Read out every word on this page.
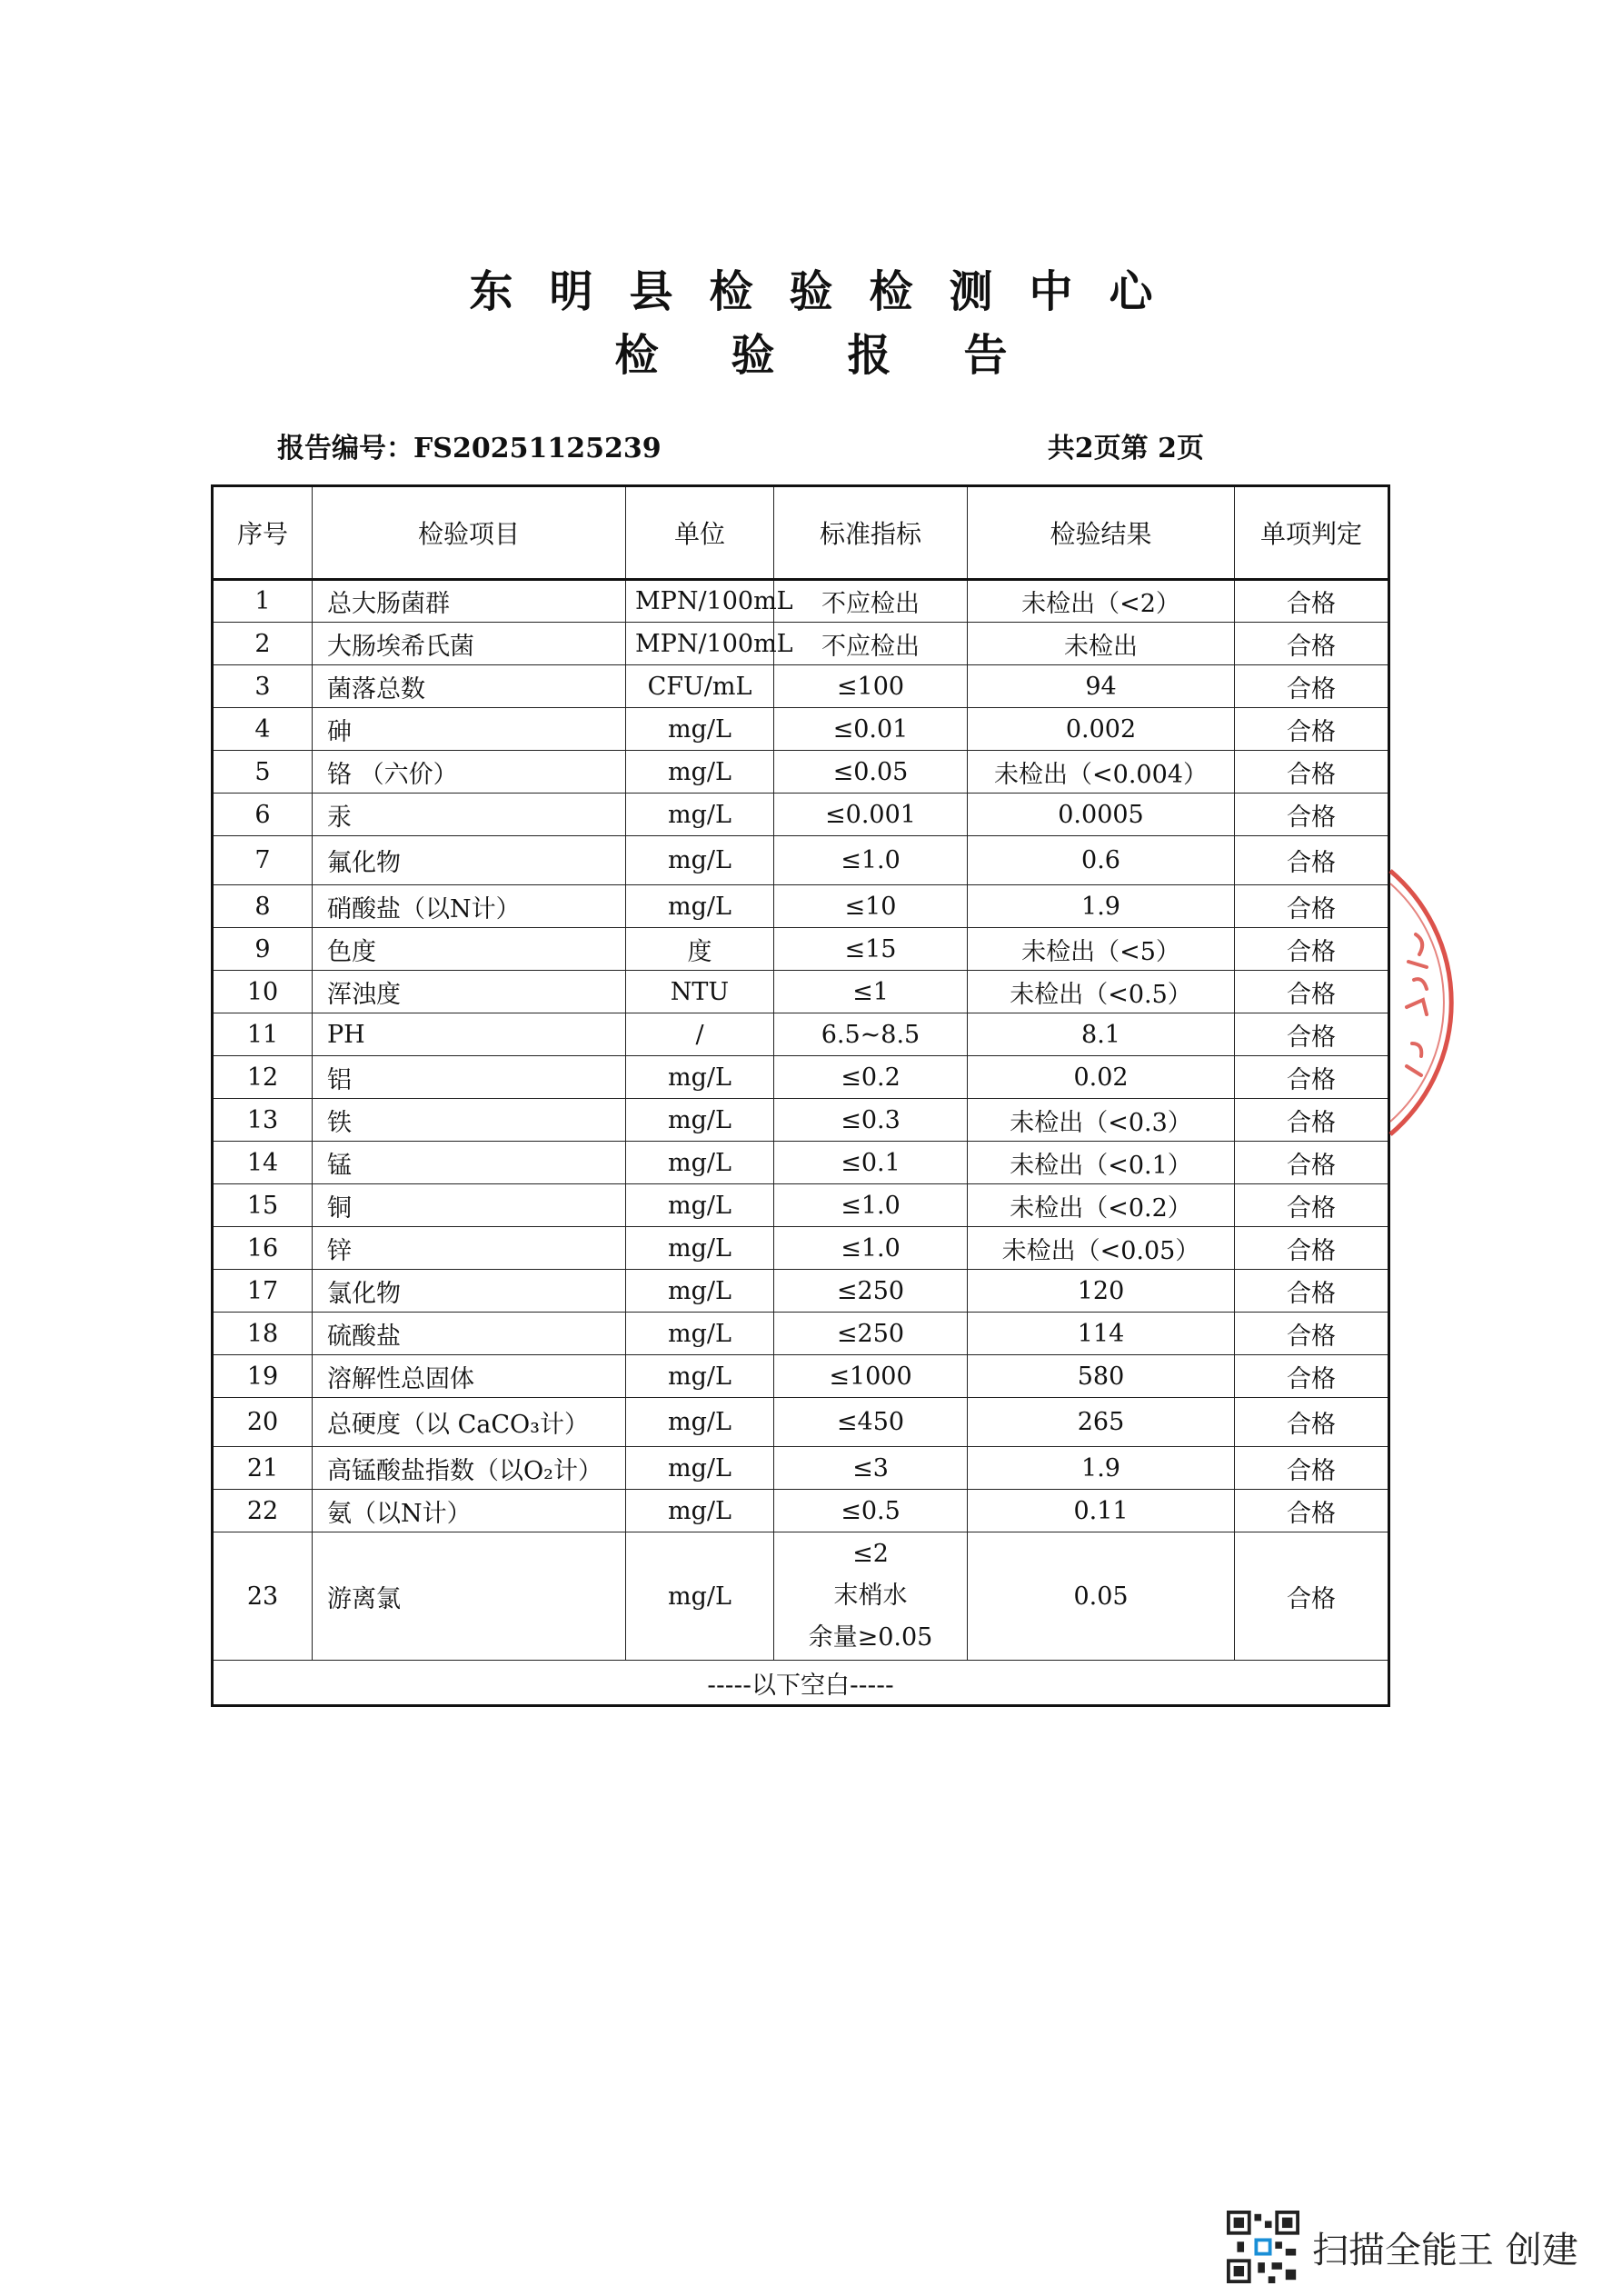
东明县检验检测中心
检验报告
报告编号：FS20251125239	共2页第 2页
序号	检验项目	单位	标准指标	检验结果	单项判定
1	总大肠菌群	MPN/100mL	不应检出	未检出（<2）	合格
2	大肠埃希氏菌	MPN/100mL	不应检出	未检出	合格
3	菌落总数	CFU/mL	≤100	94	合格
4	砷	mg/L	≤0.01	0.002	合格
5	铬 （六价）	mg/L	≤0.05	未检出（<0.004）	合格
6	汞	mg/L	≤0.001	0.0005	合格
7	氟化物	mg/L	≤1.0	0.6	合格
8	硝酸盐（以N计）	mg/L	≤10	1.9	合格
9	色度	度	≤15	未检出（<5）	合格
10	浑浊度	NTU	≤1	未检出（<0.5）	合格
11	PH	/	6.5~8.5	8.1	合格
12	铝	mg/L	≤0.2	0.02	合格
13	铁	mg/L	≤0.3	未检出（<0.3）	合格
14	锰	mg/L	≤0.1	未检出（<0.1）	合格
15	铜	mg/L	≤1.0	未检出（<0.2）	合格
16	锌	mg/L	≤1.0	未检出（<0.05）	合格
17	氯化物	mg/L	≤250	120	合格
18	硫酸盐	mg/L	≤250	114	合格
19	溶解性总固体	mg/L	≤1000	580	合格
20	总硬度（以 CaCO₃计）	mg/L	≤450	265	合格
21	高锰酸盐指数（以O₂计）	mg/L	≤3	1.9	合格
22	氨（以N计）	mg/L	≤0.5	0.11	合格
23	游离氯	mg/L	≤2
末梢水
余量≥0.05	0.05	合格
-----以下空白-----					
扫描全能王 创建
